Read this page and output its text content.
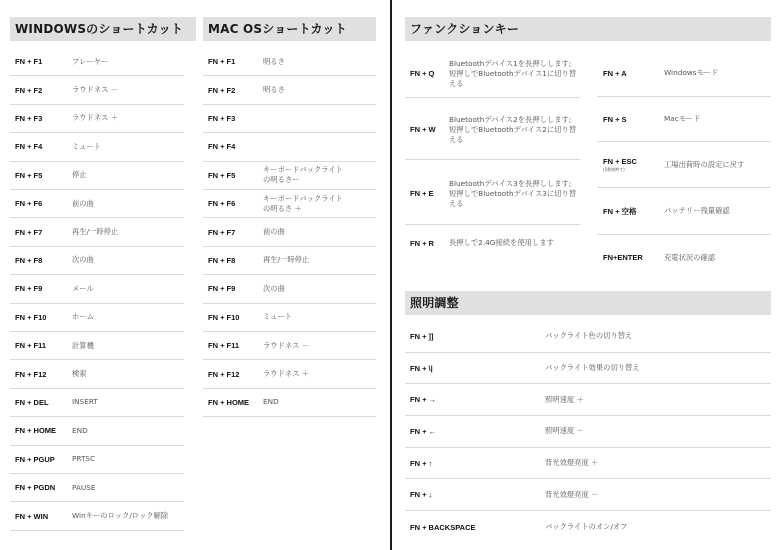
WINDOWSのショートカット	MAC OSショートカット	ファンクションキー
照明調整
FN + F1	プレーヤー
FN + F2	ラウドネス －
FN + F3	ラウドネス ＋
FN + F4	ミュート
FN + F5	停止
FN + F6	前の曲
FN + F7	再生/一時停止
FN + F8	次の曲
FN + F9	メール
FN + F10	ホーム
FN + F11	計算機
FN + F12	検索
FN + DEL	INSERT
FN + HOME	END
FN + PGUP	PRTSC
FN + PGDN	PAUSE
FN + WIN	Winキーのロック/ロック解除
FN + F1	明るさ
FN + F2	明るさ
FN + F3
FN + F4
FN + F5
キーボードバックライト
の明るさー
FN + F6
キーボードバックライト
の明るさ ＋
FN + F7	前の曲
FN + F8	再生/一時停止
FN + F9	次の曲
FN + F10	ミュート
FN + F11	ラウドネス －
FN + F12	ラウドネス ＋
FN + HOME	END
FN + Q
Bluetoothデバイス1を長押しします;
短押しでBluetoothデバイス1に切り替
える
FN + W
Bluetoothデバイス2を長押しします;
短押しでBluetoothデバイス2に切り替
える
FN + E
Bluetoothデバイス3を長押しします;
短押しでBluetoothデバイス3に切り替
える
FN + R	長押しで2.4G接続を使用します
FN + A	Windowsモード
FN + S	Macモード
FN + ESC
(5秒間押す)
工場出荷時の設定に戻す
FN + 空格	バッテリー残量確認
FN+ENTER	充電状況の確認
FN + ]]	バックライト色の切り替え
FN + \|	バックライト効果の切り替え
FN + →	照明速度 ＋
FN + ←	照明速度 －
FN + ↑	背光效燈亮度 ＋
FN + ↓	背光效燈亮度 －
FN + BACKSPACE	バックライトのオン/オフ
